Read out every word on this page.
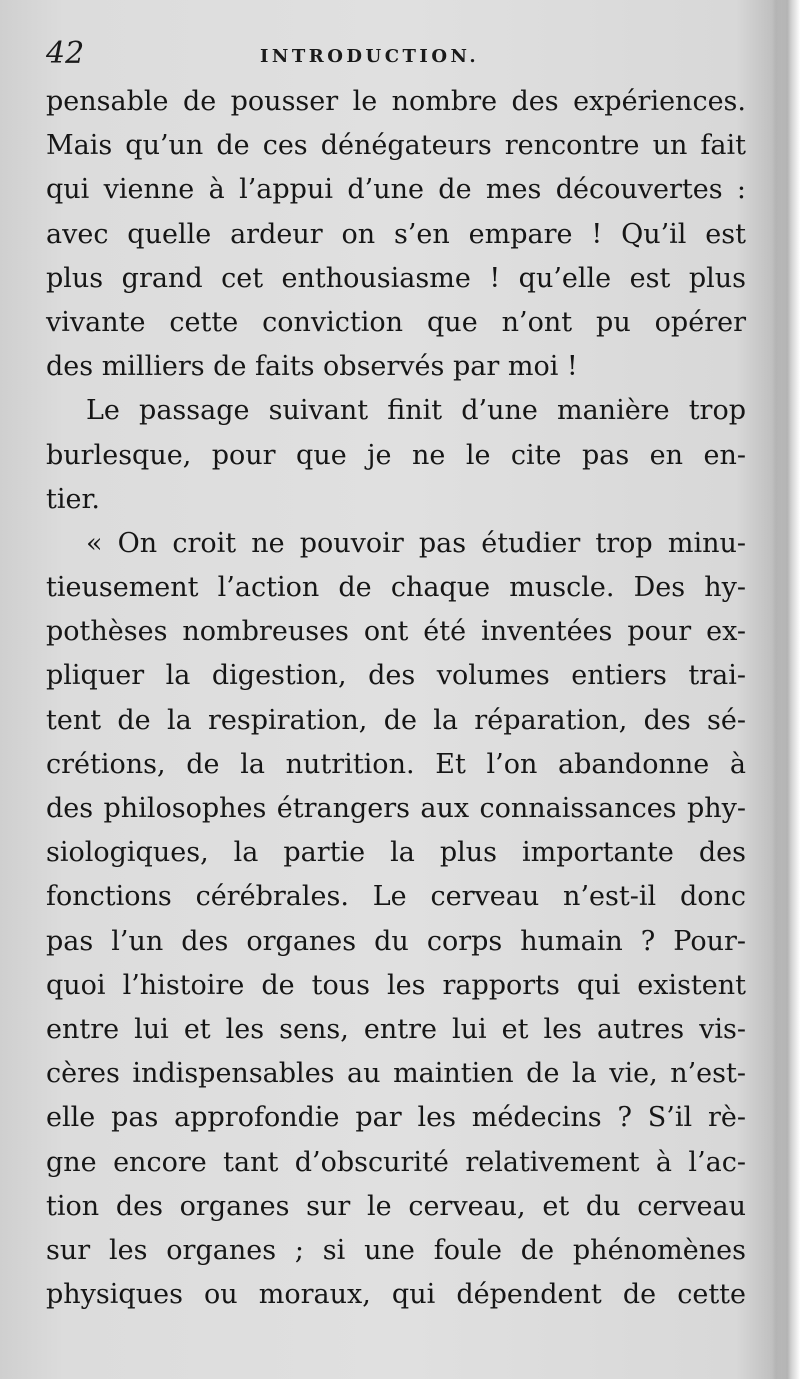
42	INTRODUCTION.
pensable de pousser le nombre des expériences.
Mais qu’un de ces dénégateurs rencontre un fait
qui vienne à l’appui d’une de mes découvertes :
avec quelle ardeur on s’en empare ! Qu’il est
plus grand cet enthousiasme ! qu’elle est plus
vivante cette conviction que n’ont pu opérer
des milliers de faits observés par moi !
Le passage suivant finit d’une manière trop
burlesque, pour que je ne le cite pas en en-
tier.
« On croit ne pouvoir pas étudier trop minu-
tieusement l’action de chaque muscle. Des hy-
pothèses nombreuses ont été inventées pour ex-
pliquer la digestion, des volumes entiers trai-
tent de la respiration, de la réparation, des sé-
crétions, de la nutrition. Et l’on abandonne à
des philosophes étrangers aux connaissances phy-
siologiques, la partie la plus importante des
fonctions cérébrales. Le cerveau n’est-il donc
pas l’un des organes du corps humain ? Pour-
quoi l’histoire de tous les rapports qui existent
entre lui et les sens, entre lui et les autres vis-
cères indispensables au maintien de la vie, n’est-
elle pas approfondie par les médecins ? S’il rè-
gne encore tant d’obscurité relativement à l’ac-
tion des organes sur le cerveau, et du cerveau
sur les organes ; si une foule de phénomènes
physiques ou moraux, qui dépendent de cette
